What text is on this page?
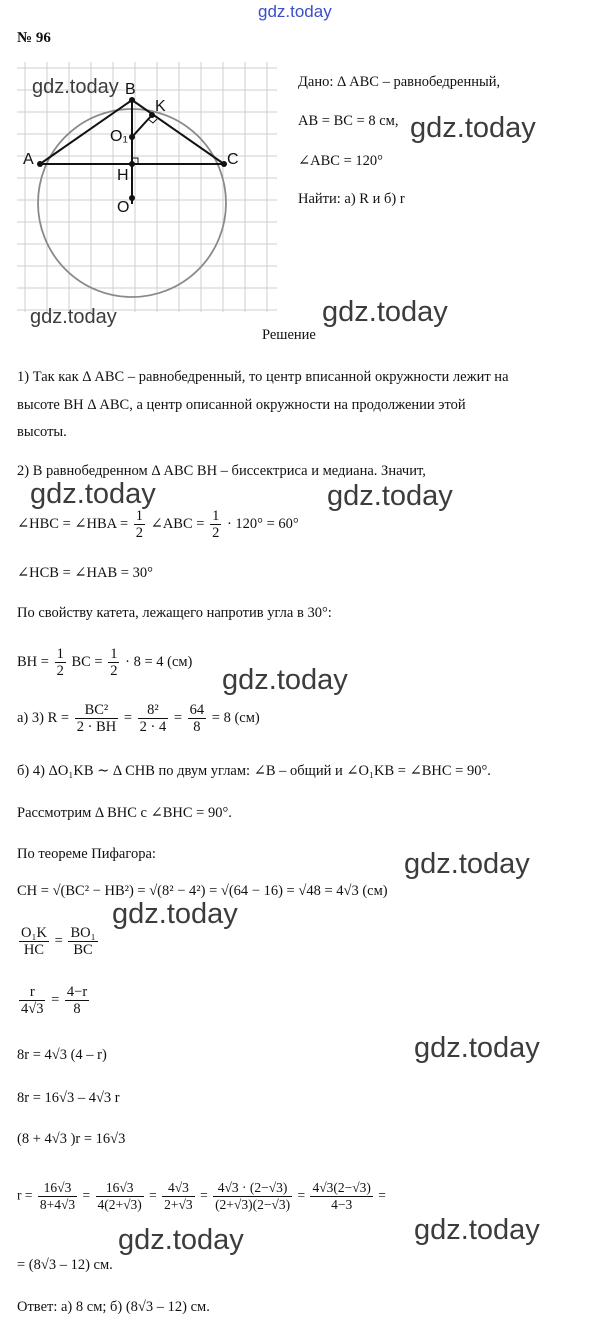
gdz.today
№ 96
A
B
C
K
O₁
H
O
gdz.today
gdz.today
Дано: Δ ABC – равнобедренный,
AB = BC = 8 см,
∠ABC = 120°
Найти: а) R и б) r
gdz.today
gdz.today
Решение
1) Так как Δ ABC – равнобедренный, то центр вписанной окружности лежит на
высоте BH Δ ABC, а центр описанной окружности на продолжении этой
высоты.
2) В равнобедренном Δ ABC BH – биссектриса и медиана. Значит,
gdz.today	gdz.today
∠HBC = ∠HBA = $\frac{1}{2}$ ∠ABC = $\frac{1}{2} \cdot 120^\circ = 60^\circ$
∠HCB = ∠HAB = 30°
По свойству катета, лежащего напротив угла в 30°:
BH = $\frac{1}{2}$ BC = $\frac{1}{2} \cdot 8 = 4$ (см)
gdz.today
а) 3) $R = \frac{\text{BC²}}{2 \cdot BH} = \frac{\text{8²}}{2 \cdot 4} = \frac{64}{8} = 8$ (см)
б) 4) ΔO₁KB ∼ Δ CHB по двум углам: ∠B – общий и ∠O₁KB = ∠BHC = 90°.
Рассмотрим Δ BHC с ∠BHC = 90°.
По теореме Пифагора:	gdz.today
CH = √(BC² − HB²) = √(8² − 4²) = √(64 − 16) = √48 = 4√3 (см)
gdz.today
$\frac{\text{O₁K}}{HC} = \frac{\text{BO₁}}{BC}$
$\frac{r}{4√3} = \frac{4-r}{8}$
gdz.today
8r = 4√3 (4 – r)
8r = 16√3 – 4√3 r
(8 + 4√3 )r = 16√3
$r = \frac{16√3}{8+4√3} = \frac{16√3}{4(2+√3)} = \frac{4√3}{2+√3} = \frac{4√3 \cdot (2-√3)}{(2+√3)(2-√3)} = \frac{4√3(2-√3)}{4-3}$ =
gdz.today	gdz.today
= (8√3 – 12) см.
Ответ: а) 8 см; б) (8√3 – 12) см.
